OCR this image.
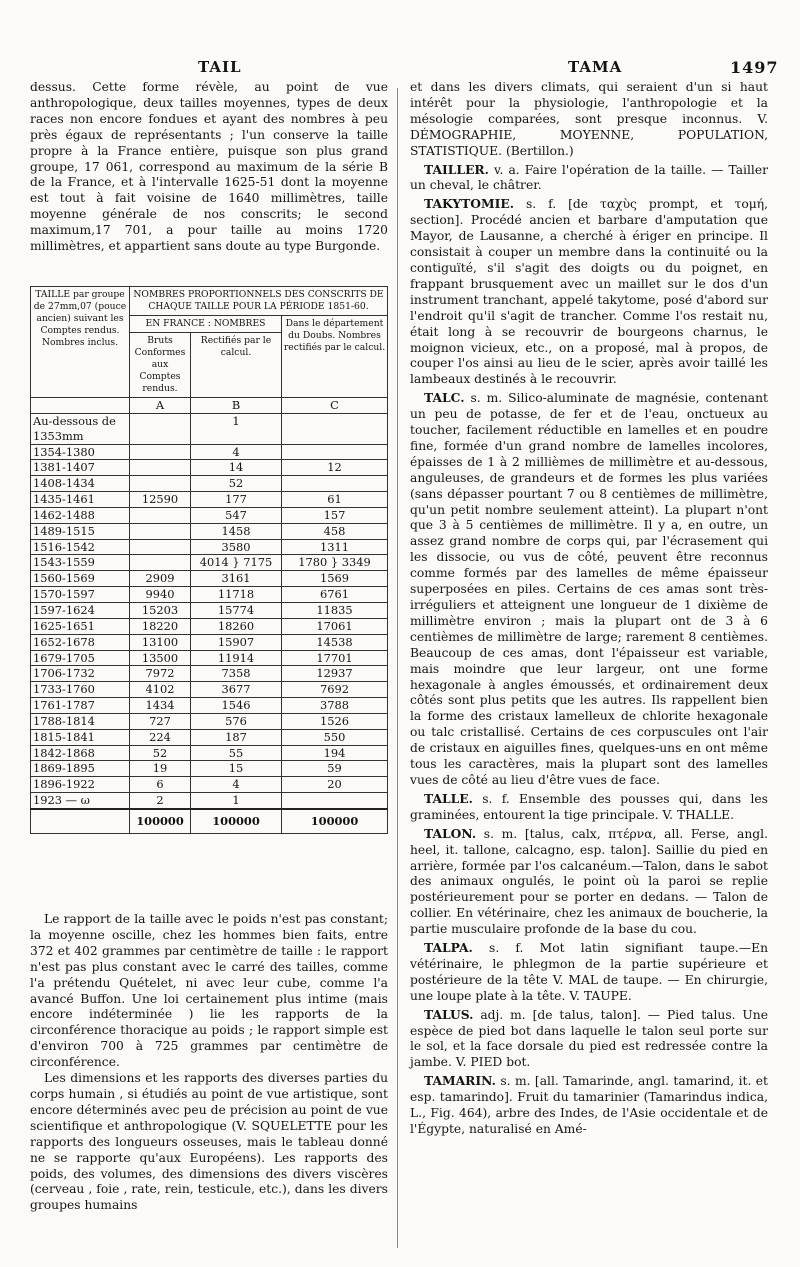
TAIL	TAMA	1497

dessus. Cette forme révèle, au point de vue anthropologique, deux tailles moyennes, types de deux races non encore fondues et ayant des nombres à peu près égaux de représentants ; l'un conserve la taille propre à la France entière, puisque son plus grand groupe, 17 061, correspond au maximum de la série B de la France, et à l'intervalle 1625-51 dont la moyenne est tout à fait voisine de 1640 millimètres, taille moyenne générale de nos conscrits; le second maximum,17 701, a pour taille au moins 1720 millimètres, et appartient sans doute au type Burgonde.

TAILLE par groupe de 27mm,07 (pouce ancien) suivant les Comptes rendus. Nombres inclus.	NOMBRES PROPORTIONNELS DES CONSCRITS DE CHAQUE TAILLE POUR LA PÉRIODE 1851-60.		
	EN FRANCE : NOMBRES		Dans le département du Doubs. Nombres rectifiés par le calcul.
	Bruts Conformes aux Comptes rendus.	Rectifiés par le calcul.	
	A	B	C
Au-dessous de 1353mm		1	
1354-1380		4	
1381-1407		14	12
1408-1434		52	
1435-1461	12590	177	61
1462-1488		547	157
1489-1515		1458	458
1516-1542		3580	1311
1543-1559		4014 } 7175	1780 } 3349
1560-1569	2909	3161	1569
1570-1597	9940	11718	6761
1597-1624	15203	15774	11835
1625-1651	18220	18260	17061
1652-1678	13100	15907	14538
1679-1705	13500	11914	17701
1706-1732	7972	7358	12937
1733-1760	4102	3677	7692
1761-1787	1434	1546	3788
1788-1814	727	576	1526
1815-1841	224	187	550
1842-1868	52	55	194
1869-1895	19	15	59
1896-1922	6	4	20
1923 — ω	2	1	
	100000	100000	100000

Le rapport de la taille avec le poids n'est pas constant; la moyenne oscille, chez les hommes bien faits, entre 372 et 402 grammes par centimètre de taille : le rapport n'est pas plus constant avec le carré des tailles, comme l'a prétendu Quételet, ni avec leur cube, comme l'a avancé Buffon. Une loi certainement plus intime (mais encore indéterminée ) lie les rapports de la circonférence thoracique au poids ; le rapport simple est d'environ 700 à 725 grammes par centimètre de circonférence.

Les dimensions et les rapports des diverses parties du corps humain , si étudiés au point de vue artistique, sont encore déterminés avec peu de précision au point de vue scientifique et anthropologique (V. SQUELETTE pour les rapports des longueurs osseuses, mais le tableau donné ne se rapporte qu'aux Européens). Les rapports des poids, des volumes, des dimensions des divers viscères (cerveau , foie , rate, rein, testicule, etc.), dans les divers groupes humains

et dans les divers climats, qui seraient d'un si haut intérêt pour la physiologie, l'anthropologie et la mésologie comparées, sont presque inconnus. V. DÉMOGRAPHIE, MOYENNE, POPULATION, STATISTIQUE. (Bertillon.)

TAILLER. v. a. Faire l'opération de la taille. — Tailler un cheval, le châtrer.

TAKYTOMIE. s. f. [de ταχὺς prompt, et τομή, section]. Procédé ancien et barbare d'amputation que Mayor, de Lausanne, a cherché à ériger en principe. Il consistait à couper un membre dans la continuité ou la contiguïté, s'il s'agit des doigts ou du poignet, en frappant brusquement avec un maillet sur le dos d'un instrument tranchant, appelé takytome, posé d'abord sur l'endroit qu'il s'agit de trancher. Comme l'os restait nu, était long à se recouvrir de bourgeons charnus, le moignon vicieux, etc., on a proposé, mal à propos, de couper l'os ainsi au lieu de le scier, après avoir taillé les lambeaux destinés à le recouvrir.

TALC. s. m. Silico-aluminate de magnésie, contenant un peu de potasse, de fer et de l'eau, onctueux au toucher, facilement réductible en lamelles et en poudre fine, formée d'un grand nombre de lamelles incolores, épaisses de 1 à 2 millièmes de millimètre et au-dessous, anguleuses, de grandeurs et de formes les plus variées (sans dépasser pourtant 7 ou 8 centièmes de millimètre, qu'un petit nombre seulement atteint). La plupart n'ont que 3 à 5 centièmes de millimètre. Il y a, en outre, un assez grand nombre de corps qui, par l'écrasement qui les dissocie, ou vus de côté, peuvent être reconnus comme formés par des lamelles de même épaisseur superposées en piles. Certains de ces amas sont très-irréguliers et atteignent une longueur de 1 dixième de millimètre environ ; mais la plupart ont de 3 à 6 centièmes de millimètre de large; rarement 8 centièmes. Beaucoup de ces amas, dont l'épaisseur est variable, mais moindre que leur largeur, ont une forme hexagonale à angles émoussés, et ordinairement deux côtés sont plus petits que les autres. Ils rappellent bien la forme des cristaux lamelleux de chlorite hexagonale ou talc cristallisé. Certains de ces corpuscules ont l'air de cristaux en aiguilles fines, quelques-uns en ont même tous les caractères, mais la plupart sont des lamelles vues de côté au lieu d'être vues de face.

TALLE. s. f. Ensemble des pousses qui, dans les graminées, entourent la tige principale. V. THALLE.

TALON. s. m. [talus, calx, πτέρνα, all. Ferse, angl. heel, it. tallone, calcagno, esp. talon]. Saillie du pied en arrière, formée par l'os calcanéum.—Talon, dans le sabot des animaux ongulés, le point où la paroi se replie postérieurement pour se porter en dedans. — Talon de collier. En vétérinaire, chez les animaux de boucherie, la partie musculaire profonde de la base du cou.

TALPA. s. f. Mot latin signifiant taupe.—En vétérinaire, le phlegmon de la partie supérieure et postérieure de la tête V. MAL de taupe. — En chirurgie, une loupe plate à la tête. V. TAUPE.

TALUS. adj. m. [de talus, talon]. — Pied talus. Une espèce de pied bot dans laquelle le talon seul porte sur le sol, et la face dorsale du pied est redressée contre la jambe. V. PIED bot.

TAMARIN. s. m. [all. Tamarinde, angl. tamarind, it. et esp. tamarindo]. Fruit du tamarinier (Tamarindus indica, L., Fig. 464), arbre des Indes, de l'Asie occidentale et de l'Égypte, naturalisé en Amé-
